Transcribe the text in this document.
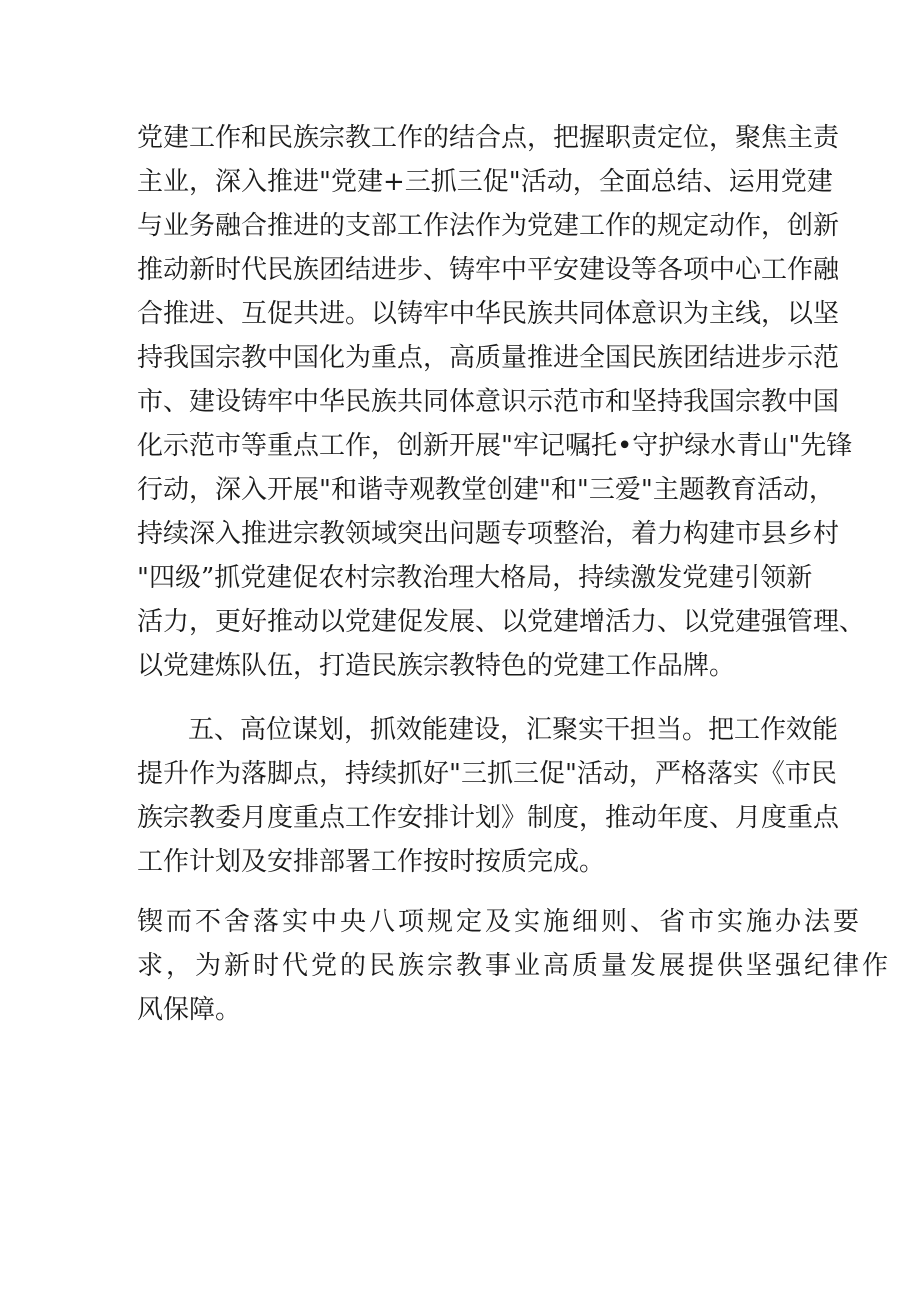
党建工作和民族宗教工作的结合点，把握职责定位，聚焦主责
主业，深入推进"党建+三抓三促"活动，全面总结、运用党建
与业务融合推进的支部工作法作为党建工作的规定动作，创新
推动新时代民族团结进步、铸牢中平安建设等各项中心工作融
合推进、互促共进。以铸牢中华民族共同体意识为主线，以坚
持我国宗教中国化为重点，高质量推进全国民族团结进步示范
市、建设铸牢中华民族共同体意识示范市和坚持我国宗教中国
化示范市等重点工作，创新开展"牢记嘱托•守护绿水青山"先锋
行动，深入开展"和谐寺观教堂创建"和"三爱"主题教育活动，
持续深入推进宗教领域突出问题专项整治，着力构建市县乡村
"四级”抓党建促农村宗教治理大格局，持续激发党建引领新
活力，更好推动以党建促发展、以党建增活力、以党建强管理、
以党建炼队伍，打造民族宗教特色的党建工作品牌。
五、高位谋划，抓效能建设，汇聚实干担当。把工作效能
提升作为落脚点，持续抓好"三抓三促"活动，严格落实《市民
族宗教委月度重点工作安排计划》制度，推动年度、月度重点
工作计划及安排部署工作按时按质完成。
锲而不舍落实中央八项规定及实施细则、省市实施办法要
求，为新时代党的民族宗教事业高质量发展提供坚强纪律作
风保障。
